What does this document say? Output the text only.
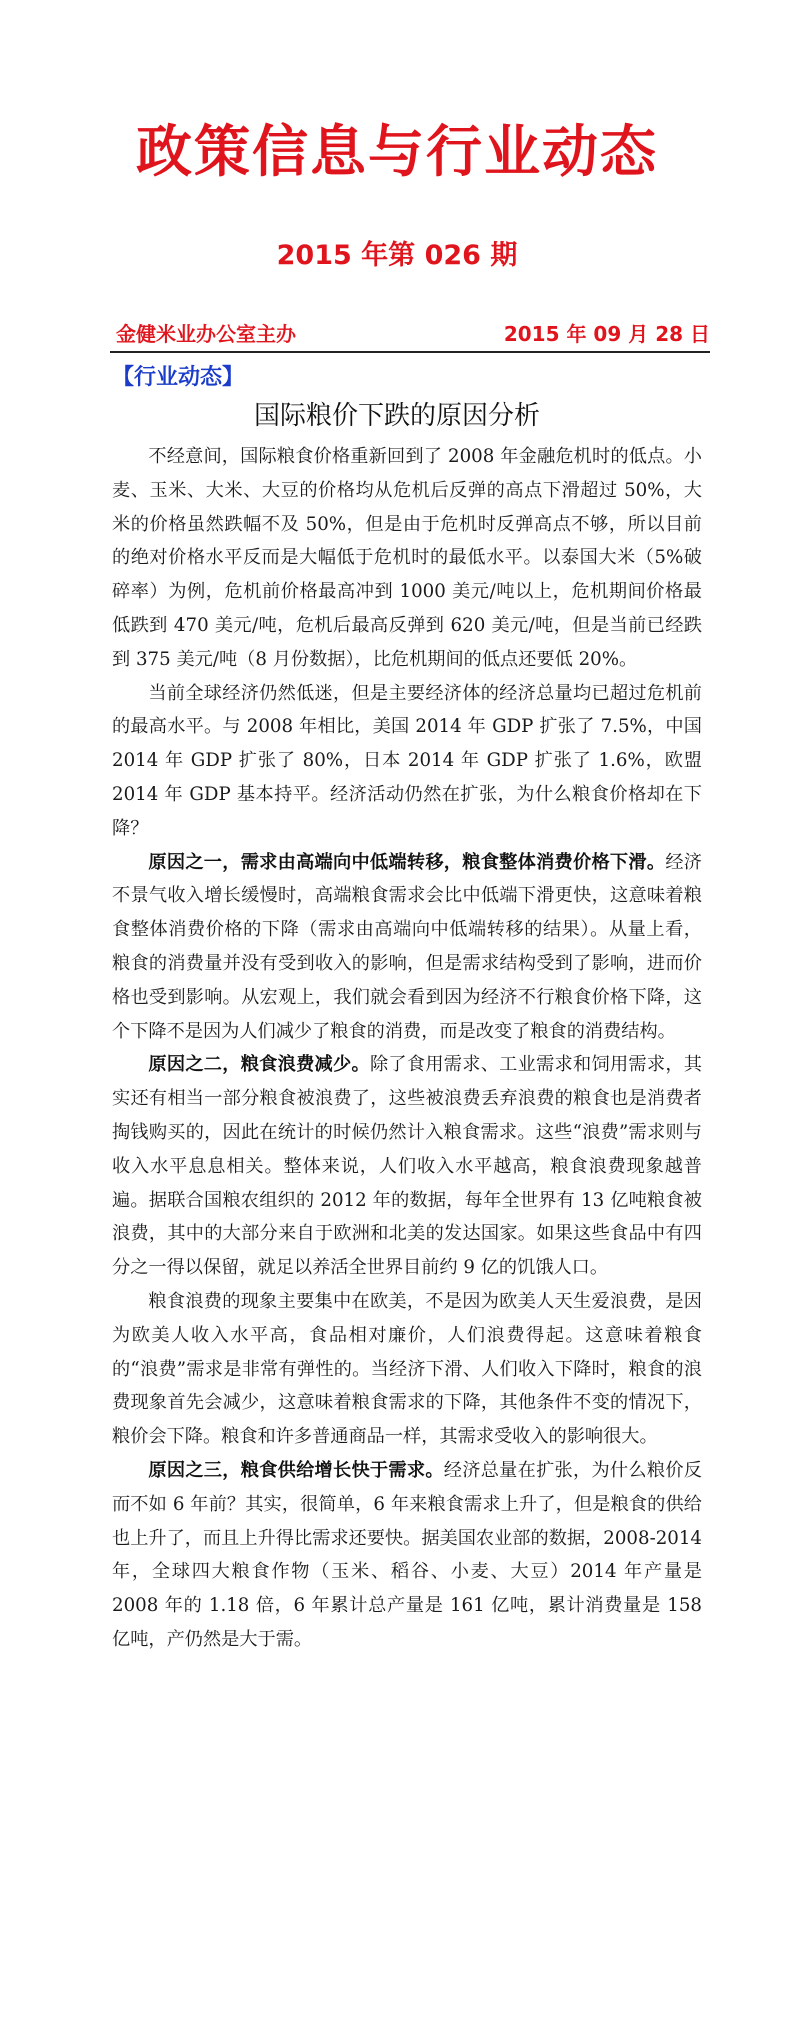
政策信息与行业动态
2015 年第 026 期
金健米业办公室主办	2015 年 09 月 28 日
【行业动态】
国际粮价下跌的原因分析

不经意间，国际粮食价格重新回到了 2008 年金融危机时的低点。小麦、玉米、大米、大豆的价格均从危机后反弹的高点下滑超过 50%，大米的价格虽然跌幅不及 50%，但是由于危机时反弹高点不够，所以目前的绝对价格水平反而是大幅低于危机时的最低水平。以泰国大米（5%破碎率）为例，危机前价格最高冲到 1000 美元/吨以上，危机期间价格最低跌到 470 美元/吨，危机后最高反弹到 620 美元/吨，但是当前已经跌到 375 美元/吨（8 月份数据），比危机期间的低点还要低 20%。

当前全球经济仍然低迷，但是主要经济体的经济总量均已超过危机前的最高水平。与 2008 年相比，美国 2014 年 GDP 扩张了 7.5%，中国 2014 年 GDP 扩张了 80%，日本 2014 年 GDP 扩张了 1.6%，欧盟 2014 年 GDP 基本持平。经济活动仍然在扩张，为什么粮食价格却在下降？

原因之一，需求由高端向中低端转移，粮食整体消费价格下滑。经济不景气收入增长缓慢时，高端粮食需求会比中低端下滑更快，这意味着粮食整体消费价格的下降（需求由高端向中低端转移的结果）。从量上看，粮食的消费量并没有受到收入的影响，但是需求结构受到了影响，进而价格也受到影响。从宏观上，我们就会看到因为经济不行粮食价格下降，这个下降不是因为人们减少了粮食的消费，而是改变了粮食的消费结构。

原因之二，粮食浪费减少。除了食用需求、工业需求和饲用需求，其实还有相当一部分粮食被浪费了，这些被浪费丢弃浪费的粮食也是消费者掏钱购买的，因此在统计的时候仍然计入粮食需求。这些“浪费”需求则与收入水平息息相关。整体来说，人们收入水平越高，粮食浪费现象越普遍。据联合国粮农组织的 2012 年的数据，每年全世界有 13 亿吨粮食被浪费，其中的大部分来自于欧洲和北美的发达国家。如果这些食品中有四分之一得以保留，就足以养活全世界目前约 9 亿的饥饿人口。

粮食浪费的现象主要集中在欧美，不是因为欧美人天生爱浪费，是因为欧美人收入水平高，食品相对廉价，人们浪费得起。这意味着粮食的“浪费”需求是非常有弹性的。当经济下滑、人们收入下降时，粮食的浪费现象首先会减少，这意味着粮食需求的下降，其他条件不变的情况下，粮价会下降。粮食和许多普通商品一样，其需求受收入的影响很大。

原因之三，粮食供给增长快于需求。经济总量在扩张，为什么粮价反而不如 6 年前？其实，很简单，6 年来粮食需求上升了，但是粮食的供给也上升了，而且上升得比需求还要快。据美国农业部的数据，2008-2014 年，全球四大粮食作物（玉米、稻谷、小麦、大豆）2014 年产量是 2008 年的 1.18 倍，6 年累计总产量是 161 亿吨，累计消费量是 158 亿吨，产仍然是大于需。
